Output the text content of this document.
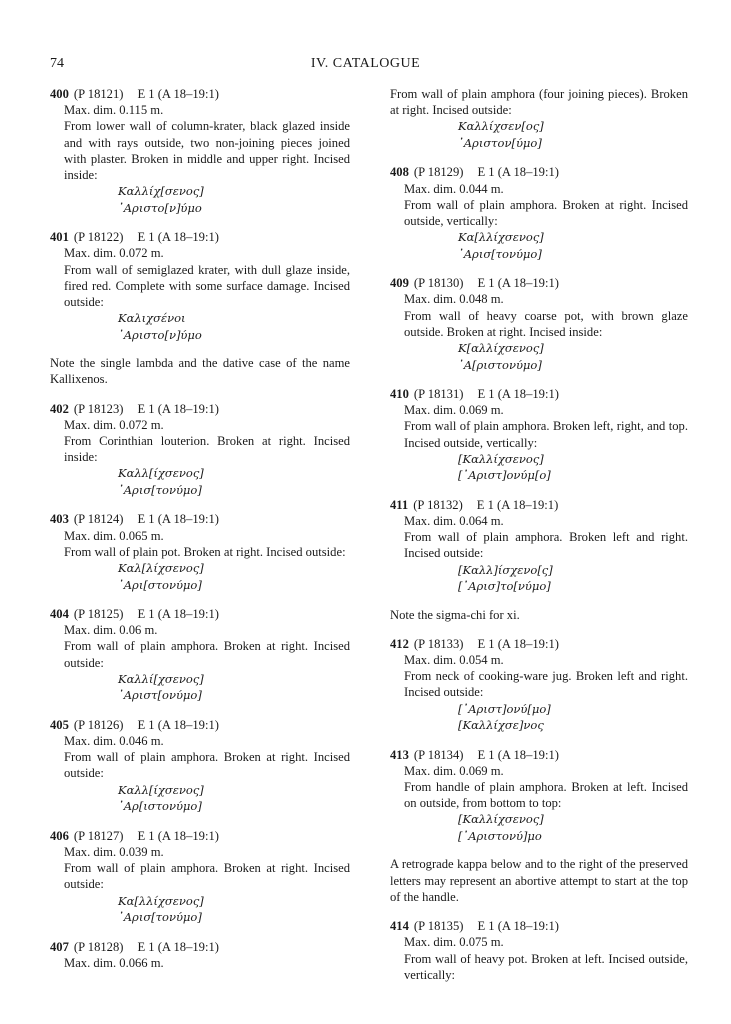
74	IV. CATALOGUE
400 (P 18121) E 1 (A 18–19:1)
Max. dim. 0.115 m.
From lower wall of column-krater, black glazed inside and with rays outside, two non-joining pieces joined with plaster. Broken in middle and upper right. Incised inside:
Καλλίχ[σενος]
᾿Αριστο[ν]ύμο
401 (P 18122) E 1 (A 18–19:1)
Max. dim. 0.072 m.
From wall of semiglazed krater, with dull glaze inside, fired red. Complete with some surface damage. Incised outside:
Καλιχσένοι
᾿Αριστο[ν]ύμο
Note the single lambda and the dative case of the name Kallixenos.
402 (P 18123) E 1 (A 18–19:1)
Max. dim. 0.072 m.
From Corinthian louterion. Broken at right. Incised inside:
Καλλ[ίχσενος]
᾿Αρισ[τονύμο]
403 (P 18124) E 1 (A 18–19:1)
Max. dim. 0.065 m.
From wall of plain pot. Broken at right. Incised outside:
Καλ[λίχσενος]
᾿Αρι[στονύμο]
404 (P 18125) E 1 (A 18–19:1)
Max. dim. 0.06 m.
From wall of plain amphora. Broken at right. Incised outside:
Καλλί[χσενος]
᾿Αριστ[ονύμο]
405 (P 18126) E 1 (A 18–19:1)
Max. dim. 0.046 m.
From wall of plain amphora. Broken at right. Incised outside:
Καλλ[ίχσενος]
᾿Αρ[ιστονύμο]
406 (P 18127) E 1 (A 18–19:1)
Max. dim. 0.039 m.
From wall of plain amphora. Broken at right. Incised outside:
Κα[λλίχσενος]
᾿Αρισ[τονύμο]
407 (P 18128) E 1 (A 18–19:1)
Max. dim. 0.066 m.
From wall of plain amphora (four joining pieces). Broken at right. Incised outside:
Καλλίχσεν[ος]
᾿Αριστον[ύμο]
408 (P 18129) E 1 (A 18–19:1)
Max. dim. 0.044 m.
From wall of plain amphora. Broken at right. Incised outside, vertically:
Κα[λλίχσενος]
᾿Αρισ[τονύμο]
409 (P 18130) E 1 (A 18–19:1)
Max. dim. 0.048 m.
From wall of heavy coarse pot, with brown glaze outside. Broken at right. Incised inside:
Κ[αλλίχσενος]
᾿Α[ριστονύμο]
410 (P 18131) E 1 (A 18–19:1)
Max. dim. 0.069 m.
From wall of plain amphora. Broken left, right, and top. Incised outside, vertically:
[Καλλίχσενος]
[᾿Αριστ]ονύμ[ο]
411 (P 18132) E 1 (A 18–19:1)
Max. dim. 0.064 m.
From wall of plain amphora. Broken left and right. Incised outside:
[Καλλ]ίσχενο[ς]
[᾿Αρισ]το[νύμο]
Note the sigma-chi for xi.
412 (P 18133) E 1 (A 18–19:1)
Max. dim. 0.054 m.
From neck of cooking-ware jug. Broken left and right. Incised outside:
[᾿Αριστ]ονύ[μο]
[Καλλίχσε]νος
413 (P 18134) E 1 (A 18–19:1)
Max. dim. 0.069 m.
From handle of plain amphora. Broken at left. Incised on outside, from bottom to top:
[Καλλίχσενος]
[᾿Αριστονύ]μο
A retrograde kappa below and to the right of the preserved letters may represent an abortive attempt to start at the top of the handle.
414 (P 18135) E 1 (A 18–19:1)
Max. dim. 0.075 m.
From wall of heavy pot. Broken at left. Incised outside, vertically:
